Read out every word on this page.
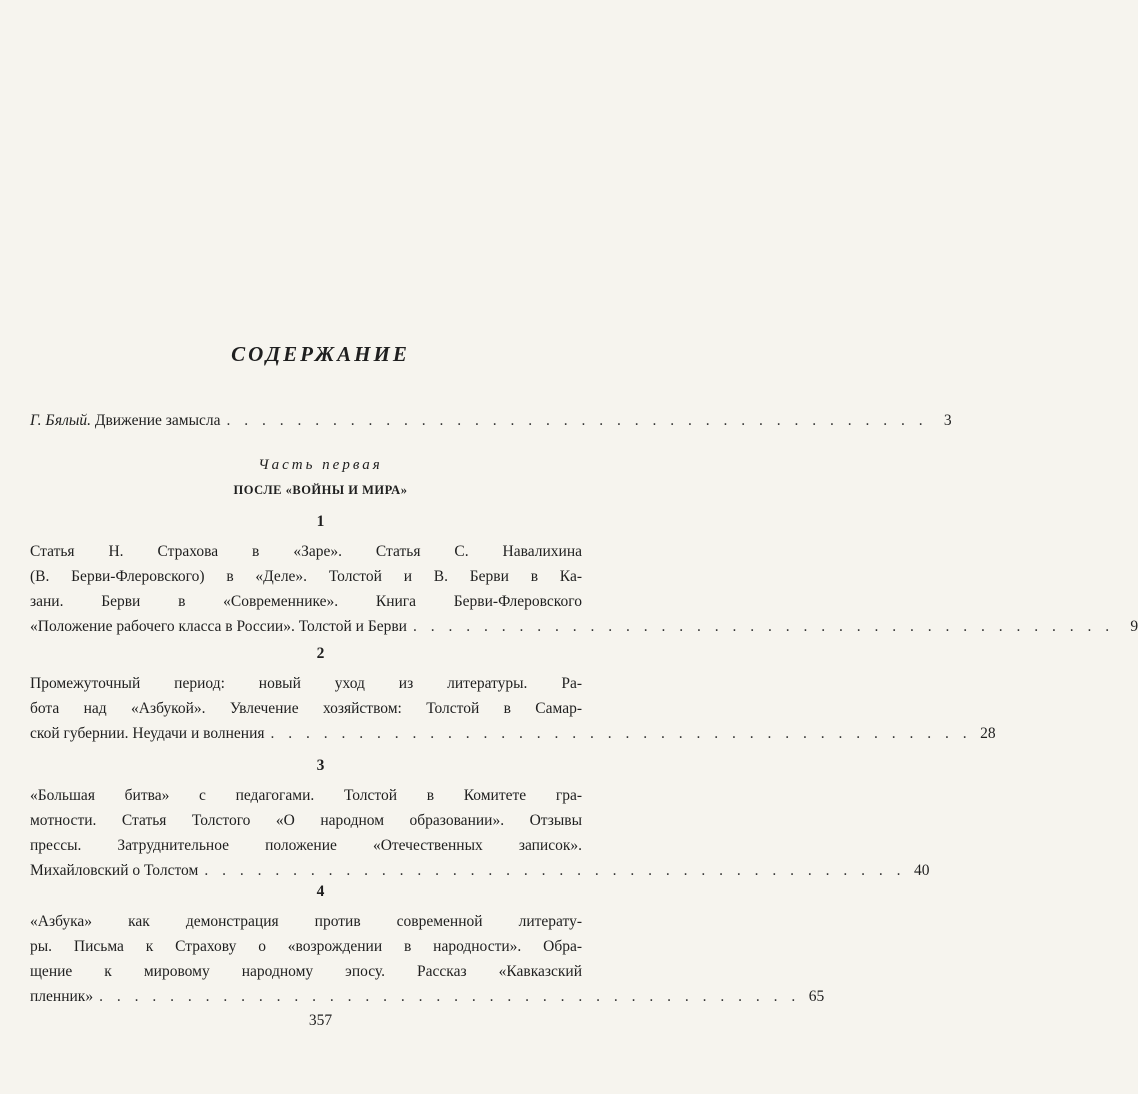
СОДЕРЖАНИЕ
Г. Бялый. Движение замысла . . . . . . . . . . . . . . . . . . . . . . . . . . . . . . . . . . . . . . . .	3
Часть первая
ПОСЛЕ «ВОЙНЫ И МИРА»
1
Статья Н. Страхова в «Заре». Статья С. Навалихина
(В. Берви-Флеровского) в «Деле». Толстой и В. Берви в Ка-
зани. Берви в «Современнике». Книга Берви-Флеровского
«Положение рабочего класса в России». Толстой и Берви . . . . . . . . . . . . . . . . . . . . . . . . . . . . . . . . . . . . . . . .	9
2
Промежуточный период: новый уход из литературы. Ра-
бота над «Азбукой». Увлечение хозяйством: Толстой в Самар-
ской губернии. Неудачи и волнения . . . . . . . . . . . . . . . . . . . . . . . . . . . . . . . . . . . . . . . . 28
3
«Большая битва» с педагогами. Толстой в Комитете гра-
мотности. Статья Толстого «О народном образовании». Отзывы
прессы. Затруднительное положение «Отечественных записок».
Михайловский о Толстом . . . . . . . . . . . . . . . . . . . . . . . . . . . . . . . . . . . . . . . . 40
4
«Азбука» как демонстрация против современной литерату-
ры. Письма к Страхову о «возрождении в народности». Обра-
щение к мировому народному эпосу. Рассказ «Кавказский
пленник» . . . . . . . . . . . . . . . . . . . . . . . . . . . . . . . . . . . . . . . . 65
357
